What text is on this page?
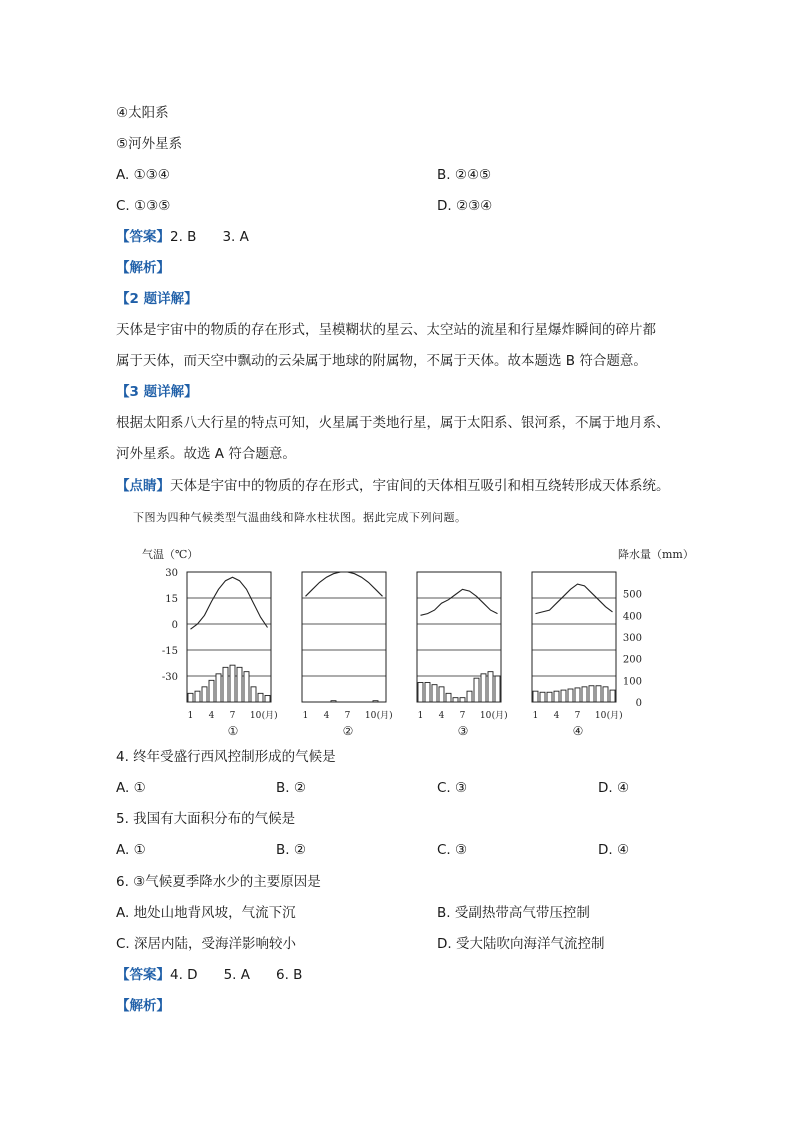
④太阳系
⑤河外星系
A. ①③④	B. ②④⑤
C. ①③⑤	D. ②③④
【答案】2. B 3. A
【解析】
【2 题详解】
天体是宇宙中的物质的存在形式，呈模糊状的星云、太空站的流星和行星爆炸瞬间的碎片都
属于天体，而天空中飘动的云朵属于地球的附属物，不属于天体。故本题选 B 符合题意。
【3 题详解】
根据太阳系八大行星的特点可知，火星属于类地行星，属于太阳系、银河系，不属于地月系、
河外星系。故选 A 符合题意。
【点睛】天体是宇宙中的物质的存在形式，宇宙间的天体相互吸引和相互绕转形成天体系统。
下图为四种气候类型气温曲线和降水柱状图。据此完成下列问题。
气温（℃）	降水量（mm）
30
15
0
-15
-30
500
400
300
200
100
0
1 4 7 10 (月)
①
1 4 7 10 (月)
②
1 4 7 10 (月)
③
1 4 7 10 (月)
④
4. 终年受盛行西风控制形成的气候是
A. ①	B. ②	C. ③	D. ④
5. 我国有大面积分布的气候是
A. ①	B. ②	C. ③	D. ④
6. ③气候夏季降水少的主要原因是
A. 地处山地背风坡，气流下沉	B. 受副热带高气带压控制
C. 深居内陆，受海洋影响较小	D. 受大陆吹向海洋气流控制
【答案】4. D 5. A 6. B
【解析】
